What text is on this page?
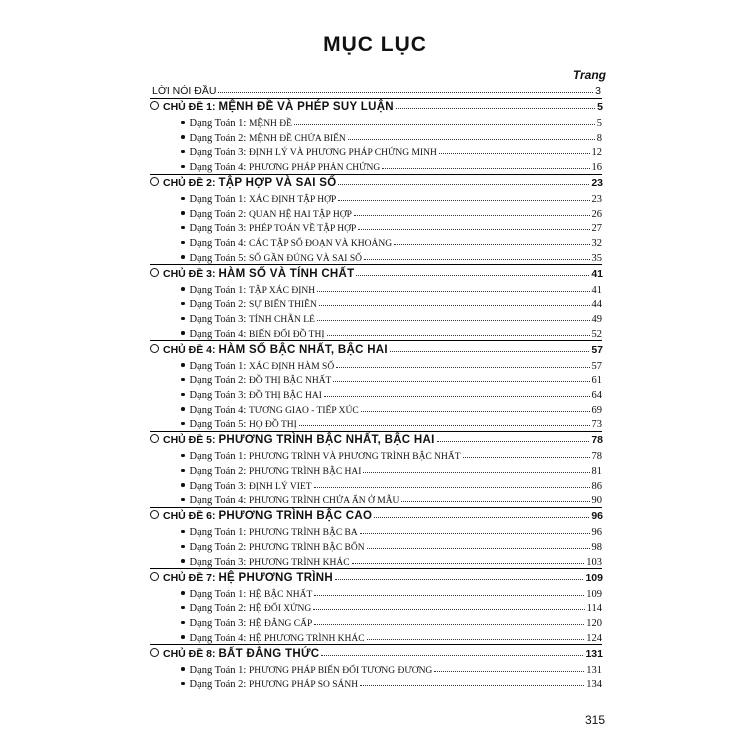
MỤC LỤC
Trang
LỜI NÓI ĐẦU	3
CHỦ ĐỀ 1: MỆNH ĐỀ VÀ PHÉP SUY LUẬN	5
Dạng Toán 1: MỆNH ĐỀ	5
Dạng Toán 2: MỆNH ĐỀ CHỨA BIẾN	8
Dạng Toán 3: ĐỊNH LÝ VÀ PHƯƠNG PHÁP CHỨNG MINH	12
Dạng Toán 4: PHƯƠNG PHÁP PHẢN CHỨNG	16
CHỦ ĐỀ 2: TẬP HỢP VÀ SAI SỐ	23
Dạng Toán 1: XÁC ĐỊNH TẬP HỢP	23
Dạng Toán 2: QUAN HỆ HAI TẬP HỢP	26
Dạng Toán 3: PHÉP TOÁN VỀ TẬP HỢP	27
Dạng Toán 4: CÁC TẬP SỐ ĐOẠN VÀ KHOẢNG	32
Dạng Toán 5: SỐ GẦN ĐÚNG VÀ SAI SỐ	35
CHỦ ĐỀ 3: HÀM SỐ VÀ TÍNH CHẤT	41
Dạng Toán 1: TẬP XÁC ĐỊNH	41
Dạng Toán 2: SỰ BIẾN THIÊN	44
Dạng Toán 3: TÍNH CHẴN LẺ	49
Dạng Toán 4: BIẾN ĐỔI ĐỒ THỊ	52
CHỦ ĐỀ 4: HÀM SỐ BẬC NHẤT, BẬC HAI	57
Dạng Toán 1: XÁC ĐỊNH HÀM SỐ	57
Dạng Toán 2: ĐỒ THỊ BẬC NHẤT	61
Dạng Toán 3: ĐỒ THỊ BẬC HAI	64
Dạng Toán 4: TƯƠNG GIAO - TIẾP XÚC	69
Dạng Toán 5: HỌ ĐỒ THỊ	73
CHỦ ĐỀ 5: PHƯƠNG TRÌNH BẬC NHẤT, BẬC HAI	78
Dạng Toán 1: PHƯƠNG TRÌNH VÀ PHƯƠNG TRÌNH BẬC NHẤT	78
Dạng Toán 2: PHƯƠNG TRÌNH BẬC HAI	81
Dạng Toán 3: ĐỊNH LÝ VIET	86
Dạng Toán 4: PHƯƠNG TRÌNH CHỨA ẨN Ở MẪU	90
CHỦ ĐỀ 6: PHƯƠNG TRÌNH BẬC CAO	96
Dạng Toán 1: PHƯƠNG TRÌNH BẬC BA	96
Dạng Toán 2: PHƯƠNG TRÌNH BẬC BỐN	98
Dạng Toán 3: PHƯƠNG TRÌNH KHÁC	103
CHỦ ĐỀ 7: HỆ PHƯƠNG TRÌNH	109
Dạng Toán 1: HỆ BẬC NHẤT	109
Dạng Toán 2: HỆ ĐỐI XỨNG	114
Dạng Toán 3: HỆ ĐẲNG CẤP	120
Dạng Toán 4: HỆ PHƯƠNG TRÌNH KHÁC	124
CHỦ ĐỀ 8: BẤT ĐẲNG THỨC	131
Dạng Toán 1: PHƯƠNG PHÁP BIẾN ĐỔI TƯƠNG ĐƯƠNG	131
Dạng Toán 2: PHƯƠNG PHÁP SO SÁNH	134
315
